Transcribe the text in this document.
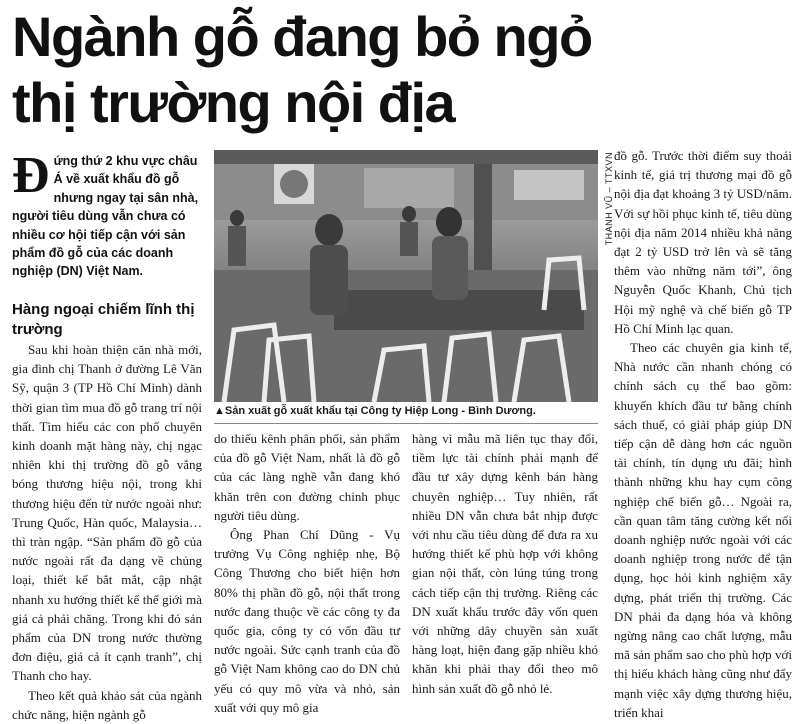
Ngành gỗ đang bỏ ngỏ
thị trường nội địa
Đứng thứ 2 khu vực châu Á về xuất khẩu đồ gỗ nhưng ngay tại sân nhà, người tiêu dùng vẫn chưa có nhiều cơ hội tiếp cận với sản phẩm đồ gỗ của các doanh nghiệp (DN) Việt Nam.
Hàng ngoại chiếm lĩnh thị trường

Sau khi hoàn thiện căn nhà mới, gia đình chị Thanh ở đường Lê Văn Sỹ, quận 3 (TP Hồ Chí Minh) dành thời gian tìm mua đồ gỗ trang trí nội thất. Tìm hiểu các con phố chuyên kinh doanh mặt hàng này, chị ngạc nhiên khi thị trường đồ gỗ vắng bóng thương hiệu nội, trong khi thương hiệu đến từ nước ngoài như: Trung Quốc, Hàn quốc, Malaysia… thì tràn ngập. “Sản phẩm đồ gỗ của nước ngoài rất đa dạng về chủng loại, thiết kế bắt mắt, cập nhật nhanh xu hướng thiết kế thế giới mà giá cả phải chăng. Trong khi đó sản phẩm của DN trong nước thường đơn điệu, giá cả ít cạnh tranh”, chị Thanh cho hay.

Theo kết quả khảo sát của ngành chức năng, hiện ngành gỗ

THANH VŨ – TTXVN
▲Sản xuất gỗ xuất khẩu tại Công ty Hiệp Long - Bình Dương.

do thiếu kênh phân phối, sản phẩm của đồ gỗ Việt Nam, nhất là đồ gỗ của các làng nghề vẫn đang khó khăn trên con đường chinh phục người tiêu dùng.

Ông Phan Chí Dũng - Vụ trưởng Vụ Công nghiệp nhẹ, Bộ Công Thương cho biết hiện hơn 80% thị phần đồ gỗ, nội thất trong nước đang thuộc về các công ty đa quốc gia, công ty có vốn đầu tư nước ngoài. Sức cạnh tranh của đồ gỗ Việt Nam không cao do DN chủ yếu có quy mô vừa và nhỏ, sản xuất với quy mô gia

hàng vì mẫu mã liên tục thay đổi, tiềm lực tài chính phải mạnh để đầu tư xây dựng kênh bán hàng chuyên nghiệp… Tuy nhiên, rất nhiều DN vẫn chưa bắt nhịp được với nhu cầu tiêu dùng để đưa ra xu hướng thiết kế phù hợp với không gian nội thất, còn lúng túng trong cách tiếp cận thị trường. Riêng các DN xuất khẩu trước đây vốn quen với những dây chuyền sản xuất hàng loạt, hiện đang gặp nhiều khó khăn khi phải thay đổi theo mô hình sản xuất đồ gỗ nhỏ lẻ.

đồ gỗ. Trước thời điểm suy thoái kinh tế, giá trị thương mại đồ gỗ nội địa đạt khoảng 3 tỷ USD/năm. Với sự hồi phục kinh tế, tiêu dùng nội địa năm 2014 nhiều khả năng đạt 2 tỷ USD trở lên và sẽ tăng thêm vào những năm tới”, ông Nguyễn Quốc Khanh, Chủ tịch Hội mỹ nghệ và chế biến gỗ TP Hồ Chí Minh lạc quan.

Theo các chuyên gia kinh tế, Nhà nước cần nhanh chóng có chính sách cụ thể bao gồm: khuyến khích đầu tư bằng chính sách thuế, có giải pháp giúp DN tiếp cận dễ dàng hơn các nguồn tài chính, tín dụng ưu đãi; hình thành những khu hay cụm công nghiệp chế biến gỗ… Ngoài ra, cần quan tâm tăng cường kết nối doanh nghiệp nước ngoài với các doanh nghiệp trong nước để tận dụng, học hỏi kinh nghiệm xây dựng, phát triển thị trường. Các DN phải đa dạng hóa và không ngừng nâng cao chất lượng, mẫu mã sản phẩm sao cho phù hợp với thị hiếu khách hàng cũng như đẩy mạnh việc xây dựng thương hiệu, triển khai
